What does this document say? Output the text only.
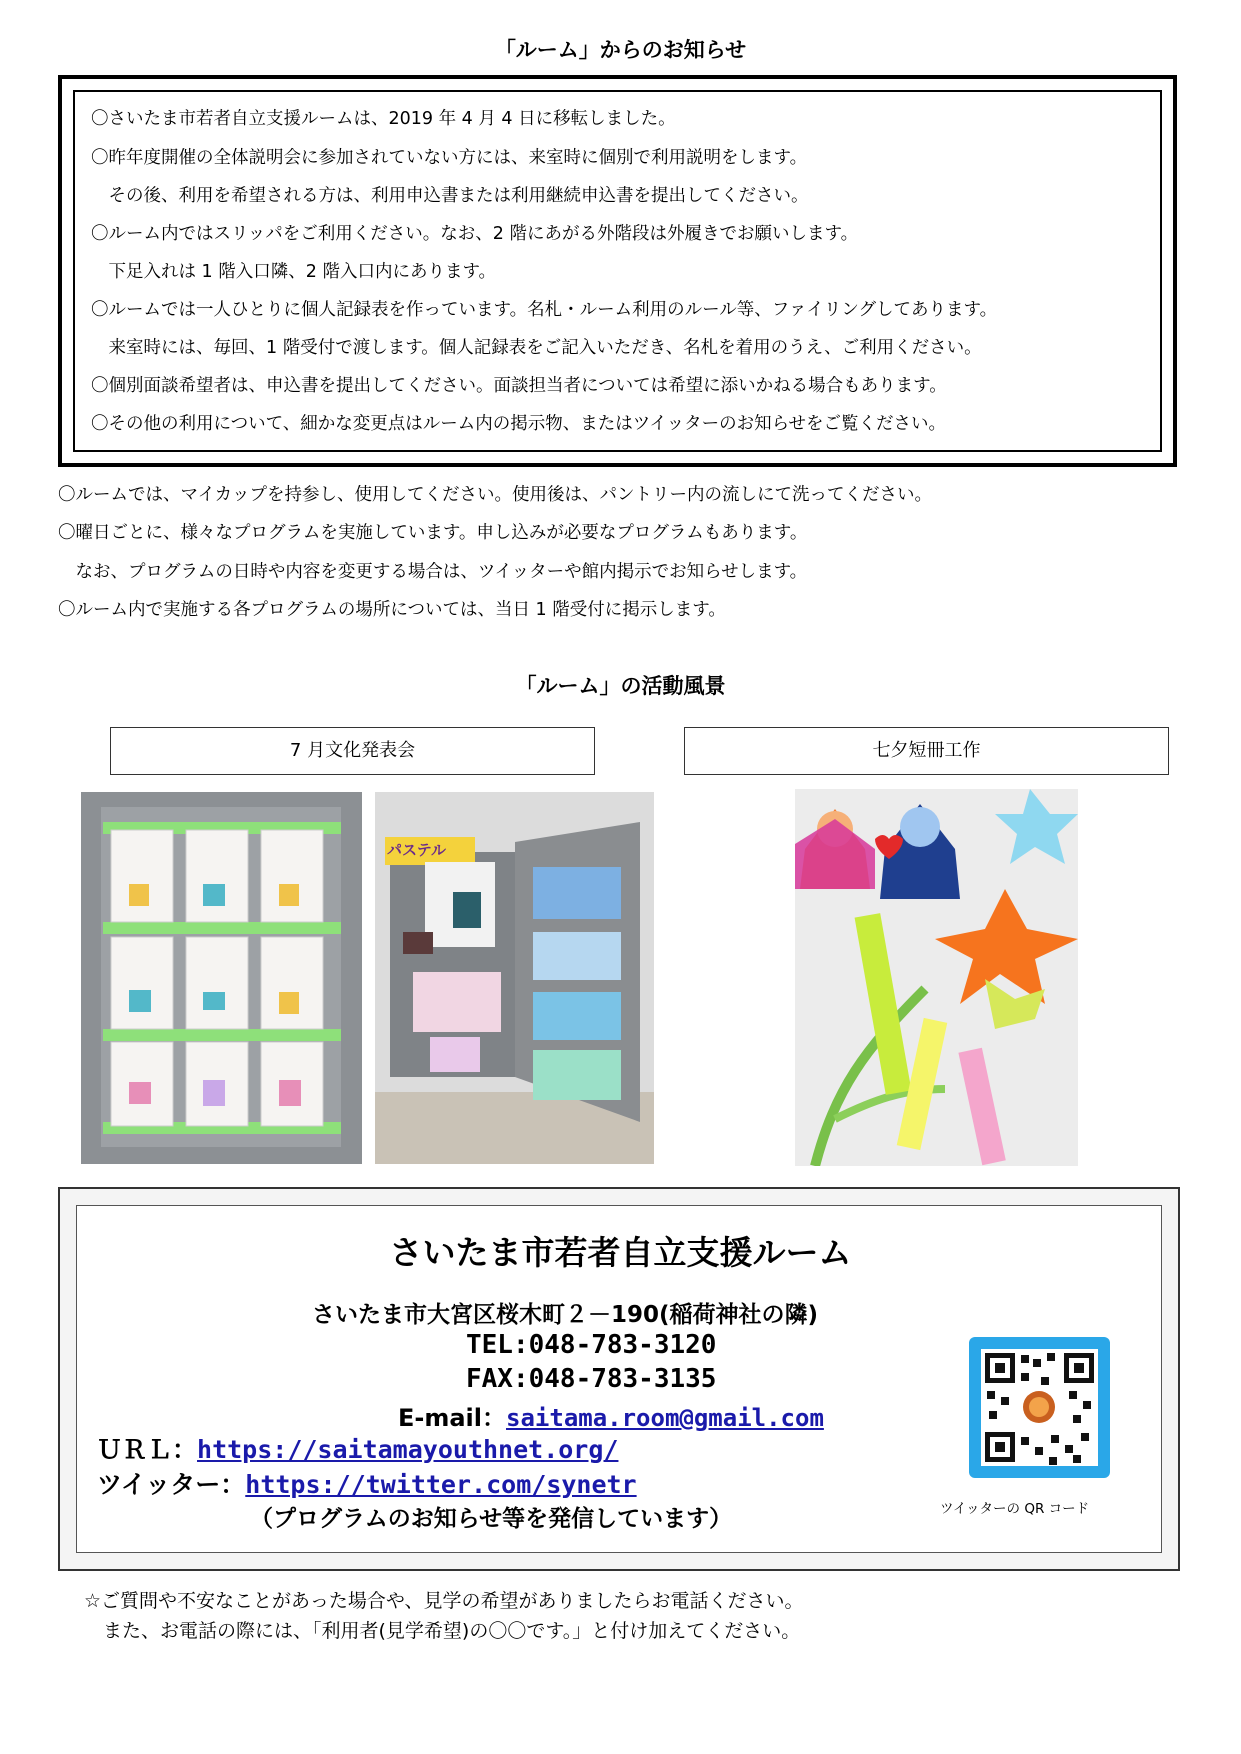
「ルーム」からのお知らせ
〇さいたま市若者自立支援ルームは、2019 年 4 月 4 日に移転しました。
〇昨年度開催の全体説明会に参加されていない方には、来室時に個別で利用説明をします。
　その後、利用を希望される方は、利用申込書または利用継続申込書を提出してください。
〇ルーム内ではスリッパをご利用ください。なお、2 階にあがる外階段は外履きでお願いします。
　下足入れは 1 階入口隣、2 階入口内にあります。
〇ルームでは一人ひとりに個人記録表を作っています。名札・ルーム利用のルール等、ファイリングしてあります。
　来室時には、毎回、1 階受付で渡します。個人記録表をご記入いただき、名札を着用のうえ、ご利用ください。
〇個別面談希望者は、申込書を提出してください。面談担当者については希望に添いかねる場合もあります。
〇その他の利用について、細かな変更点はルーム内の掲示物、またはツイッターのお知らせをご覧ください。
〇ルームでは、マイカップを持参し、使用してください。使用後は、パントリー内の流しにて洗ってください。
〇曜日ごとに、様々なプログラムを実施しています。申し込みが必要なプログラムもあります。
　なお、プログラムの日時や内容を変更する場合は、ツイッターや館内掲示でお知らせします。
〇ルーム内で実施する各プログラムの場所については、当日 1 階受付に掲示します。
「ルーム」の活動風景
7 月文化発表会	七夕短冊工作
パステル
さいたま市若者自立支援ルーム
さいたま市大宮区桜木町２－190(稲荷神社の隣)
TEL:048-783-3120
FAX:048-783-3135
E-mail：saitama.room@gmail.com
ＵＲＬ：https://saitamayouthnet.org/
ツイッター：https://twitter.com/synetr
（プログラムのお知らせ等を発信しています）	ツイッターの QR コード
☆ご質問や不安なことがあった場合や、見学の希望がありましたらお電話ください。
　また、お電話の際には、「利用者(見学希望)の〇〇です。」と付け加えてください。
